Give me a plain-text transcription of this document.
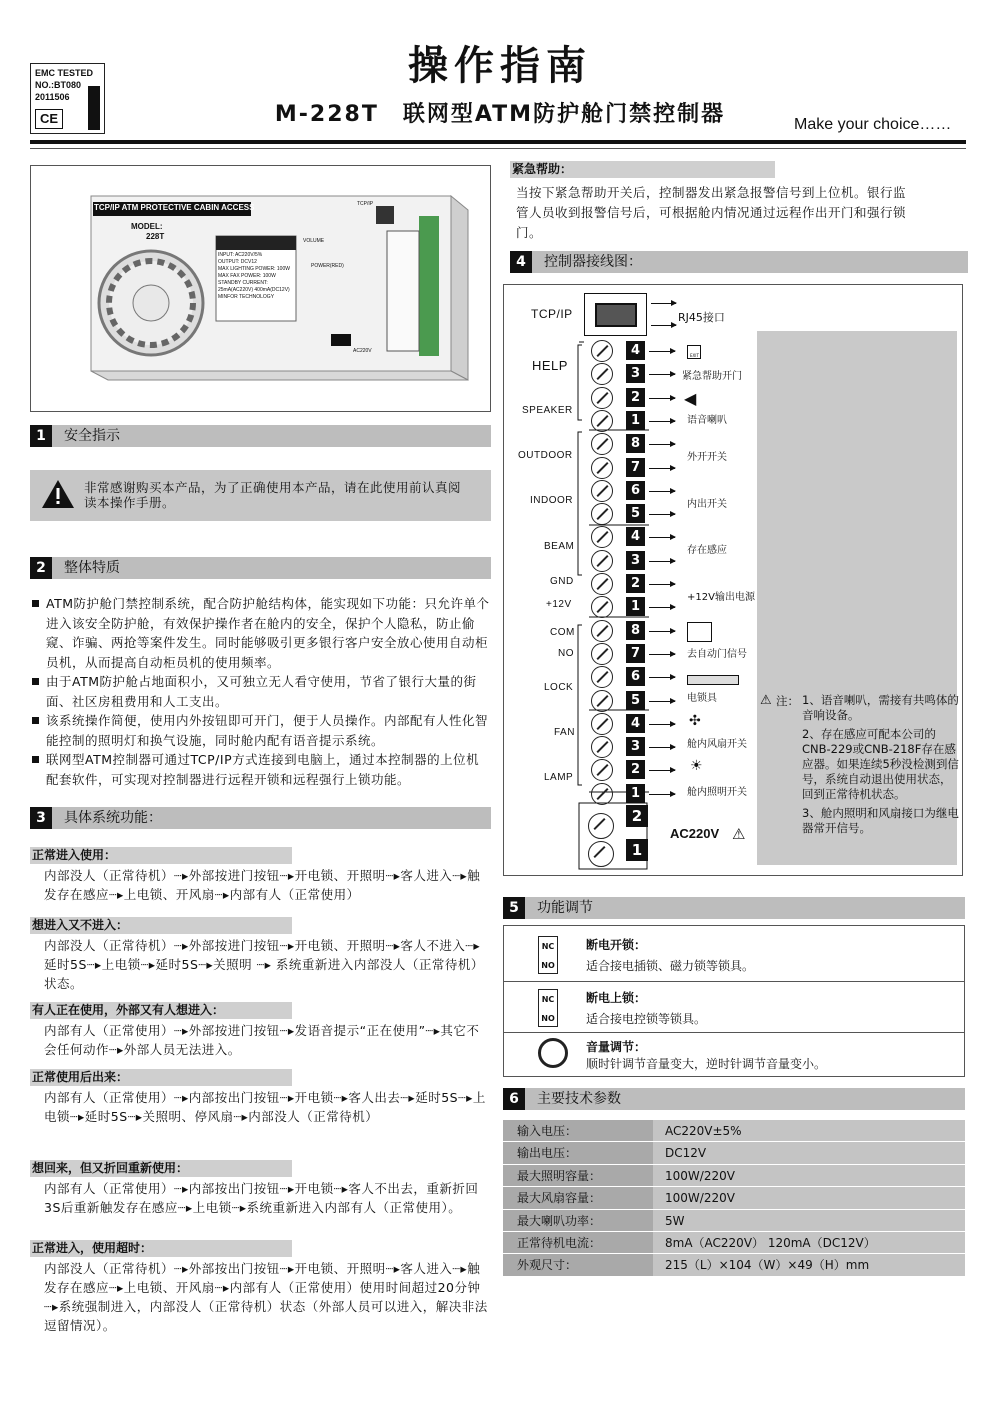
EMC TESTED
NO.:BT080
2011506
CE
操作指南
M-228T　联网型ATM防护舱门禁控制器	Make your choice……
TCP/IP ATM PROTECTIVE CABIN ACCESS
MODEL:
228T
INPUT: AC220V/5%
OUTPUT: DCV12
MAX LIGHTING POWER: 100W
MAX FAX POWER: 100W
STANDBY CURRENT:
25mA(AC220V) 400mA(DC12V)
MINFOR TECHNOLOGY
TCP/IP
VOLUME
POWER(RED)
AC220V
1 安全指示
非常感谢购买本产品，为了正确使用本产品，请在此使用前认真阅读本操作手册。
2 整体特质
ATM防护舱门禁控制系统，配合防护舱结构体，能实现如下功能：只允许单个进入该安全防护舱，有效保护操作者在舱内的安全，保护个人隐私，防止偷窥、诈骗、两抢等案件发生。同时能够吸引更多银行客户安全放心使用自动柜员机，从而提高自动柜员机的使用频率。
由于ATM防护舱占地面积小，又可独立无人看守使用，节省了银行大量的街面、社区房租费用和人工支出。
该系统操作简便，使用内外按钮即可开门，便于人员操作。内部配有人性化智能控制的照明灯和换气设施，同时舱内配有语音提示系统。
联网型ATM控制器可通过TCP/IP方式连接到电脑上，通过本控制器的上位机配套软件，可实现对控制器进行远程开锁和远程强行上锁功能。
3 具体系统功能：
正常进入使用：
内部没人（正常待机）┈▸外部按进门按钮┈▸开电锁、开照明┈▸客人进入┈▸触发存在感应┈▸上电锁、开风扇┈▸内部有人（正常使用）
想进入又不进入：
内部没人（正常待机）┈▸外部按进门按钮┈▸开电锁、开照明┈▸客人不进入┈▸延时5S┈▸上电锁┈▸延时5S┈▸关照明 ┈▸ 系统重新进入内部没人（正常待机）状态。
有人正在使用，外部又有人想进入：
内部有人（正常使用）┈▸外部按进门按钮┈▸发语音提示“正在使用”┈▸其它不会任何动作┈▸外部人员无法进入。
正常使用后出来：
内部有人（正常使用）┈▸内部按出门按钮┈▸开电锁┈▸客人出去┈▸延时5S┈▸上电锁┈▸延时5S┈▸关照明、停风扇┈▸内部没人（正常待机）
想回来，但又折回重新使用：
内部有人（正常使用）┈▸内部按出门按钮┈▸开电锁┈▸客人不出去，重新折回3S后重新触发存在感应┈▸上电锁┈▸系统重新进入内部有人（正常使用）。
正常进入，使用超时：
内部没人（正常待机）┈▸外部按出门按钮┈▸开电锁、开照明┈▸客人进入┈▸触发存在感应┈▸上电锁、开风扇┈▸内部有人（正常使用）使用时间超过20分钟┈▸系统强制进入，内部没人（正常待机）状态（外部人员可以进入，解决非法逗留情况）。
紧急帮助：
当按下紧急帮助开关后，控制器发出紧急报警信号到上位机。银行监管人员收到报警信号后，可根据舱内情况通过远程作出开门和强行锁门。
4 控制器接线图：
TCP/IP	RJ45接口
HELP
SPEAKER
OUTDOOR
INDOOR
BEAM
GND
+12V
COM
NO
LOCK
FAN
LAMP
4
3
2
1
8
7
6
5
4
3
2
1
8
7
6
5
4
3
2
1
EXIT
紧急帮助开门
◀
语音喇叭
外开开关
内出开关
存在感应
+12V输出电源
去自动门信号
电锁具
✣
舱内风扇开关
☀
舱内照明开关
2
1
AC220V ⚠
⚠ 注： 1、语音喇叭，需接有共鸣体的音响设备。
2、存在感应可配本公司的CNB-229或CNB-218F存在感应器。如果连续5秒没检测到信号，系统自动退出使用状态，回到正常待机状态。
3、舱内照明和风扇接口为继电器常开信号。
5 功能调节
NC
NO
断电开锁：
适合接电插锁、磁力锁等锁具。
NC
NO
断电上锁：
适合接电控锁等锁具。
音量调节：
顺时针调节音量变大，逆时针调节音量变小。
6 主要技术参数
输入电压：	AC220V±5%
输出电压：	DC12V
最大照明容量：	100W/220V
最大风扇容量：	100W/220V
最大喇叭功率：	5W
正常待机电流：	8mA（AC220V） 120mA（DC12V）
外观尺寸：	215（L）×104（W）×49（H）mm
